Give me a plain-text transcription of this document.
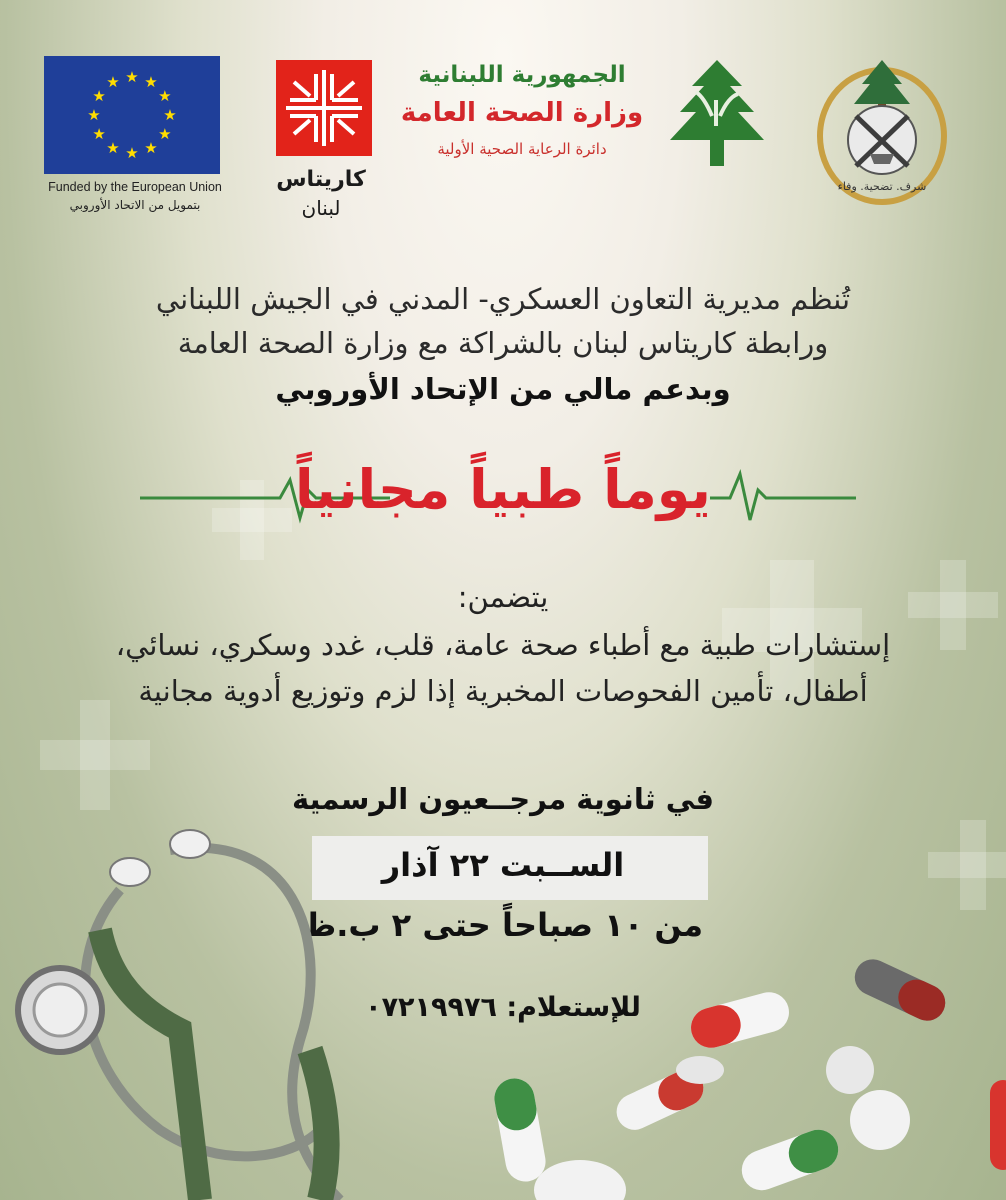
★ ★
★
★
★
★
★
★
★
★
★
★
Funded by the European Union
بتمويل من الاتحاد الأوروبي
كاريتاس
لبنان
الجمهورية اللبنانية
وزارة الصحة العامة
دائرة الرعاية الصحية الأولية
شرف. تضحية. وفاء
تُنظم مديرية التعاون العسكري- المدني في الجيش اللبناني
ورابطة كاريتاس لبنان بالشراكة مع وزارة الصحة العامة
وبدعم مالي من الإتحاد الأوروبي
يوماً طبياً مجانياً
يتضمن:
إستشارات طبية مع أطباء صحة عامة، قلب، غدد وسكري، نسائي،
أطفال، تأمين الفحوصات المخبرية إذا لزم وتوزيع أدوية مجانية
في ثانوية مرجــعيون الرسمية
الســبت ٢٢ آذار
من ١٠ صباحاً حتى ٢ ب.ظ
للإستعلام: ٠٧٢١٩٩٧٦
